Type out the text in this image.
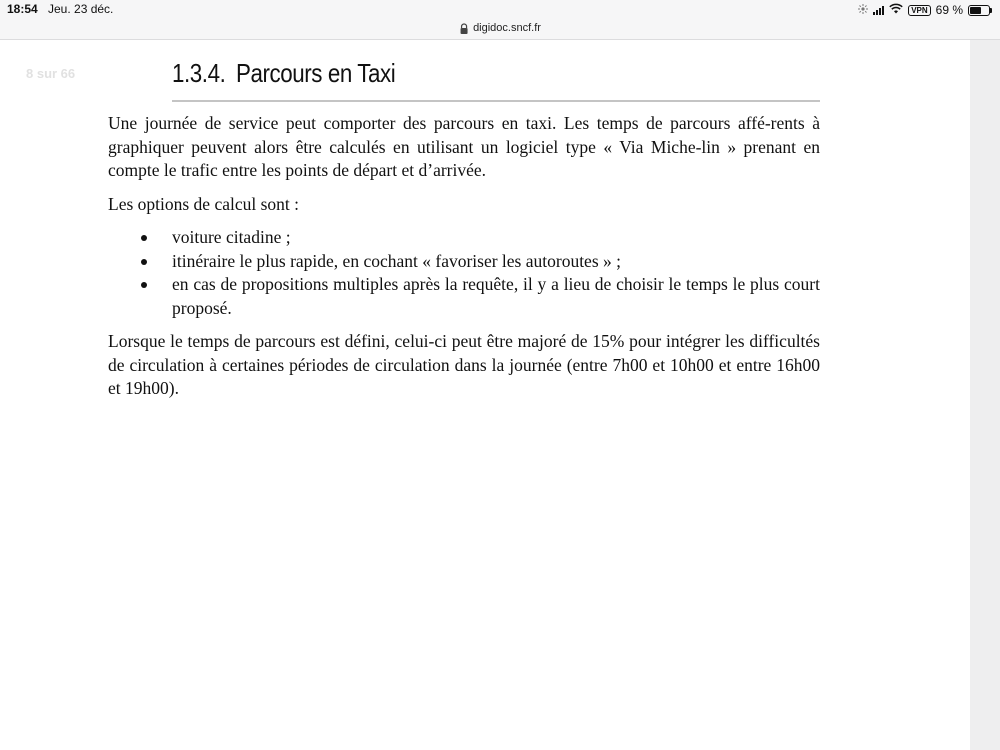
18:54 Jeu. 23 déc.	VPN 69 %
digidoc.sncf.fr
8 sur 66	1.3.4. Parcours en Taxi

Une journée de service peut comporter des parcours en taxi. Les temps de parcours affé-rents à graphiquer peuvent alors être calculés en utilisant un logiciel type « Via Miche-lin » prenant en compte le trafic entre les points de départ et d’arrivée.

Les options de calcul sont :

voiture citadine ;
itinéraire le plus rapide, en cochant « favoriser les autoroutes » ;
en cas de propositions multiples après la requête, il y a lieu de choisir le temps le plus court proposé.

Lorsque le temps de parcours est défini, celui-ci peut être majoré de 15% pour intégrer les difficultés de circulation à certaines périodes de circulation dans la journée (entre 7h00 et 10h00 et entre 16h00 et 19h00).
